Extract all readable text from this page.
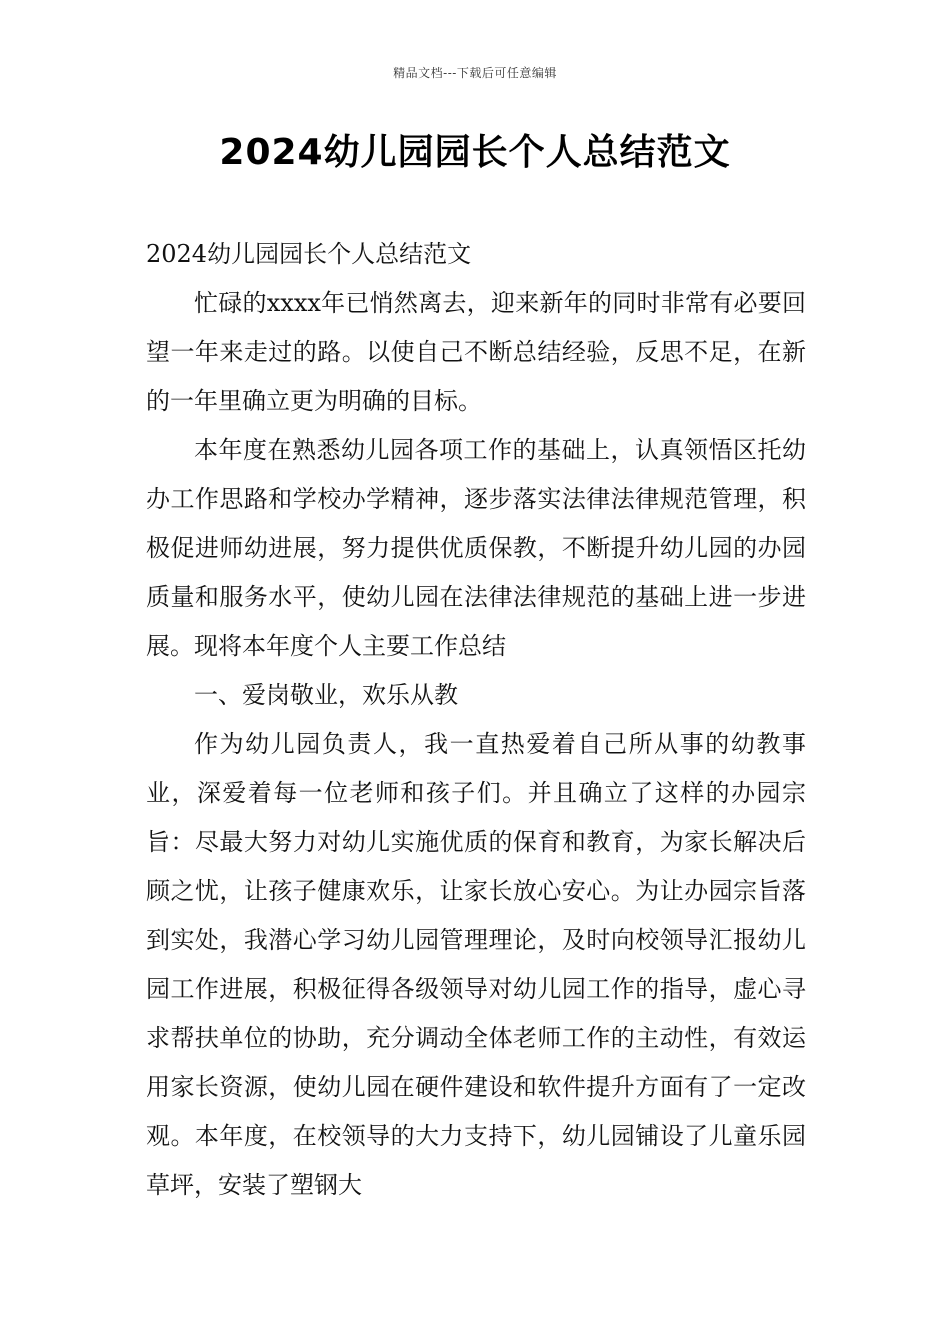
精品文档---下载后可任意编辑
2024幼儿园园长个人总结范文

2024幼儿园园长个人总结范文

忙碌的xxxx年已悄然离去，迎来新年的同时非常有必要回望一年来走过的路。以使自己不断总结经验，反思不足，在新的一年里确立更为明确的目标。

本年度在熟悉幼儿园各项工作的基础上，认真领悟区托幼办工作思路和学校办学精神，逐步落实法律法律规范管理，积极促进师幼进展，努力提供优质保教，不断提升幼儿园的办园质量和服务水平，使幼儿园在法律法律规范的基础上进一步进展。现将本年度个人主要工作总结

一、爱岗敬业，欢乐从教

作为幼儿园负责人，我一直热爱着自己所从事的幼教事业，深爱着每一位老师和孩子们。并且确立了这样的办园宗旨：尽最大努力对幼儿实施优质的保育和教育，为家长解决后顾之忧，让孩子健康欢乐，让家长放心安心。为让办园宗旨落到实处，我潜心学习幼儿园管理理论，及时向校领导汇报幼儿园工作进展，积极征得各级领导对幼儿园工作的指导，虚心寻求帮扶单位的协助，充分调动全体老师工作的主动性，有效运用家长资源，使幼儿园在硬件建设和软件提升方面有了一定改观。本年度，在校领导的大力支持下，幼儿园铺设了儿童乐园草坪，安装了塑钢大
